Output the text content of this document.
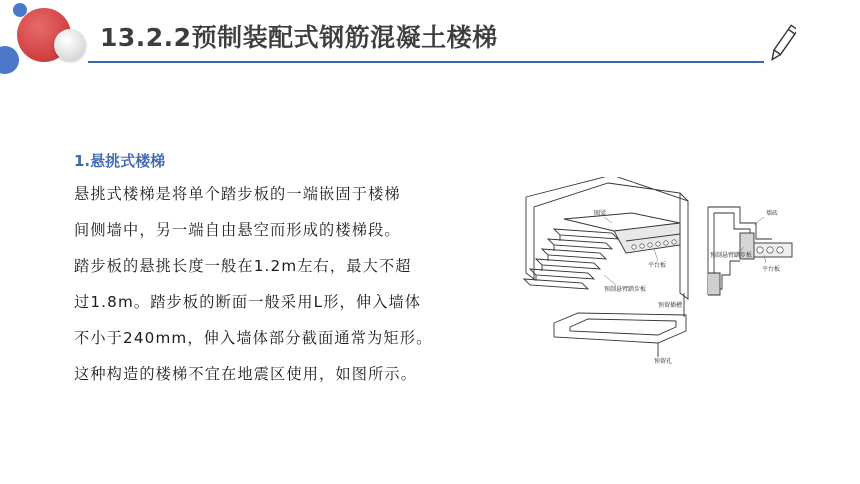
13.2.2预制装配式钢筋混凝土楼梯
1.悬挑式楼梯
悬挑式楼梯是将单个踏步板的一端嵌固于楼梯
间侧墙中，另一端自由悬空而形成的楼梯段。
踏步板的悬挑长度一般在1.2m左右，最大不超
过1.8m。踏步板的断面一般采用L形，伸入墙体
不小于240mm，伸入墙体部分截面通常为矩形。
这种构造的楼梯不宜在地震区使用，如图所示。
圈梁
平台板
预制悬臂踏步板
预制悬臂踏步板
墙砖
平台板
预留插槽
预留孔
